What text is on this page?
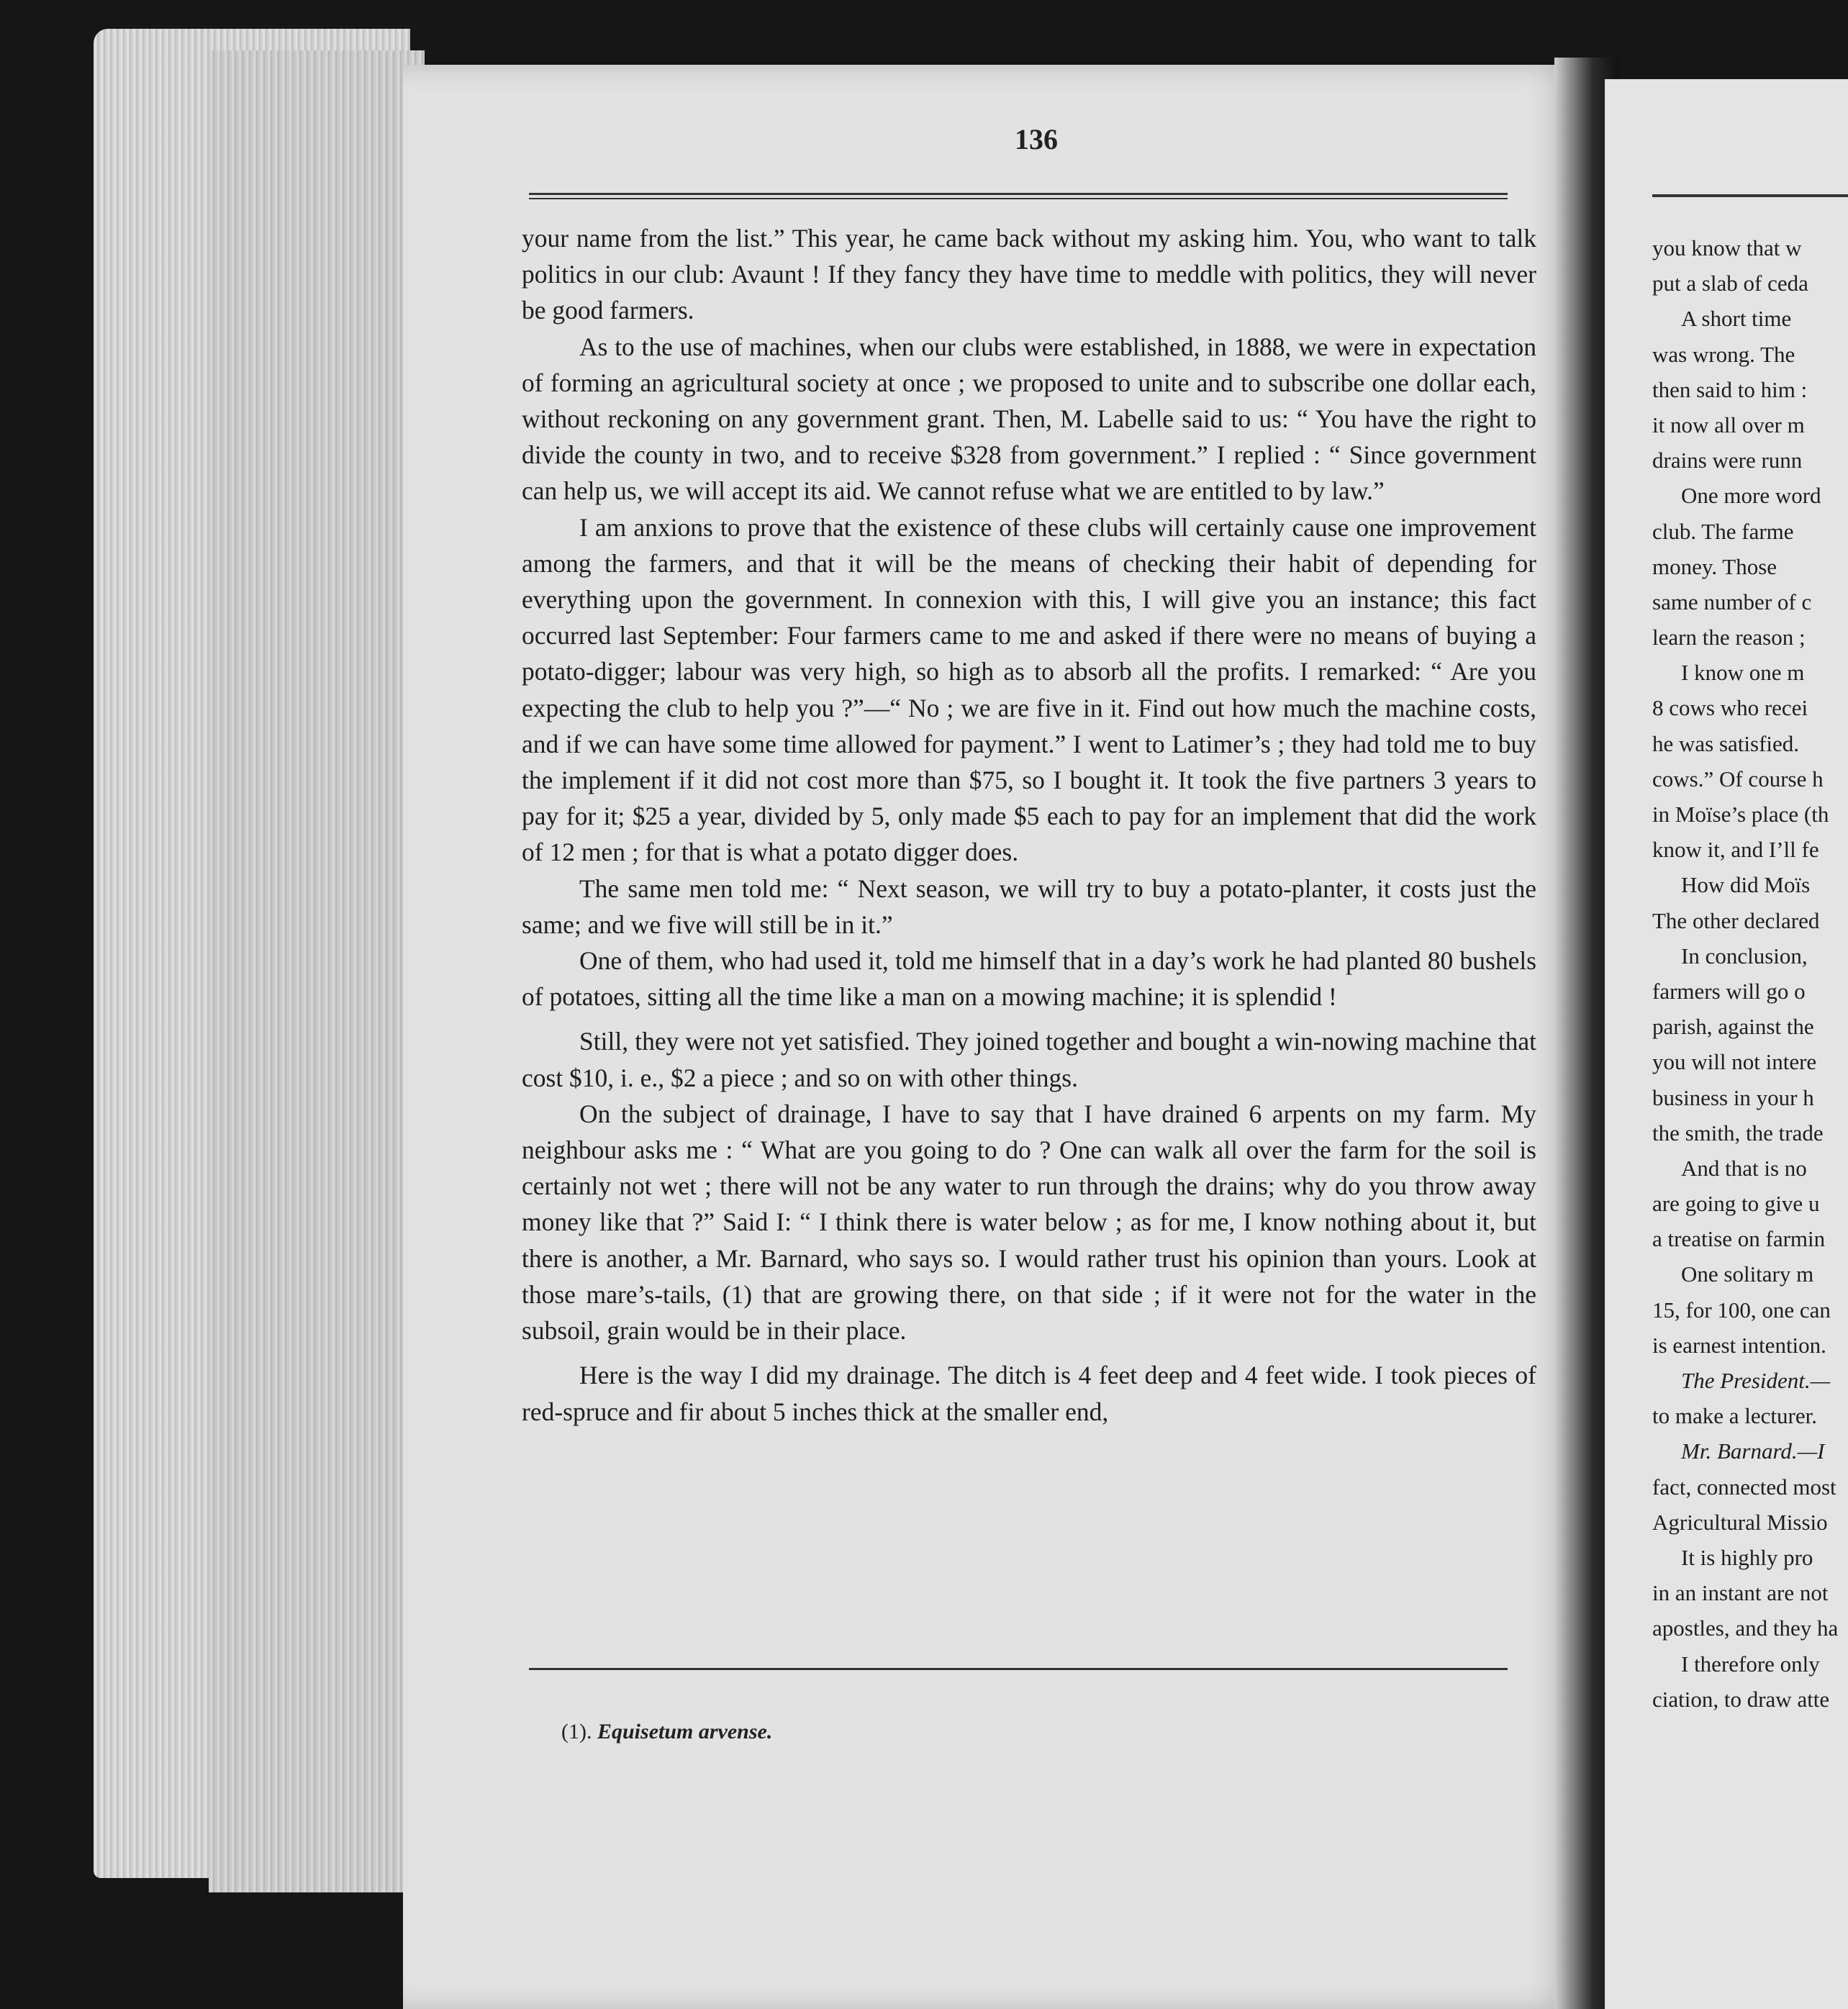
136

your name from the list.” This year, he came back without my asking him. You, who want to talk politics in our club: Avaunt ! If they fancy they have time to meddle with politics, they will never be good farmers.

As to the use of machines, when our clubs were established, in 1888, we were in expectation of forming an agricultural society at once ; we proposed to unite and to subscribe one dollar each, without reckoning on any government grant. Then, M. Labelle said to us: “ You have the right to divide the county in two, and to receive $328 from government.” I replied : “ Since government can help us, we will accept its aid. We cannot refuse what we are entitled to by law.”

I am anxions to prove that the existence of these clubs will certainly cause one improvement among the farmers, and that it will be the means of checking their habit of depending for everything upon the government. In connexion with this, I will give you an instance; this fact occurred last September: Four farmers came to me and asked if there were no means of buying a potato-digger; labour was very high, so high as to absorb all the profits. I remarked: “ Are you expecting the club to help you ?”—“ No ; we are five in it. Find out how much the machine costs, and if we can have some time allowed for payment.” I went to Latimer’s ; they had told me to buy the implement if it did not cost more than $75, so I bought it. It took the five partners 3 years to pay for it; $25 a year, divided by 5, only made $5 each to pay for an implement that did the work of 12 men ; for that is what a potato digger does.

The same men told me: “ Next season, we will try to buy a potato-planter, it costs just the same; and we five will still be in it.”

One of them, who had used it, told me himself that in a day’s work he had planted 80 bushels of potatoes, sitting all the time like a man on a mowing machine; it is splendid !

Still, they were not yet satisfied. They joined together and bought a win-nowing machine that cost $10, i. e., $2 a piece ; and so on with other things.

On the subject of drainage, I have to say that I have drained 6 arpents on my farm. My neighbour asks me : “ What are you going to do ? One can walk all over the farm for the soil is certainly not wet ; there will not be any water to run through the drains; why do you throw away money like that ?” Said I: “ I think there is water below ; as for me, I know nothing about it, but there is another, a Mr. Barnard, who says so. I would rather trust his opinion than yours. Look at those mare’s-tails, (1) that are growing there, on that side ; if it were not for the water in the subsoil, grain would be in their place.

Here is the way I did my drainage. The ditch is 4 feet deep and 4 feet wide. I took pieces of red-spruce and fir about 5 inches thick at the smaller end,

(1). Equisetum arvense.
you know that w
put a slab of ceda
A short time
was wrong. The
then said to him :
it now all over m
drains were runn
One more word
club. The farme
money. Those
same number of c
learn the reason ;
I know one m
8 cows who recei
he was satisfied.
cows.” Of course h
in Moïse’s place (th
know it, and I’ll fe
How did Moïs
The other declared
In conclusion,
farmers will go o
parish, against the
you will not intere
business in your h
the smith, the trade
And that is no
are going to give u
a treatise on farmin
One solitary m
15, for 100, one can
is earnest intention.
The President.—
to make a lecturer.
Mr. Barnard.—I
fact, connected most
Agricultural Missio
It is highly pro
in an instant are not
apostles, and they ha
I therefore only
ciation, to draw atte
